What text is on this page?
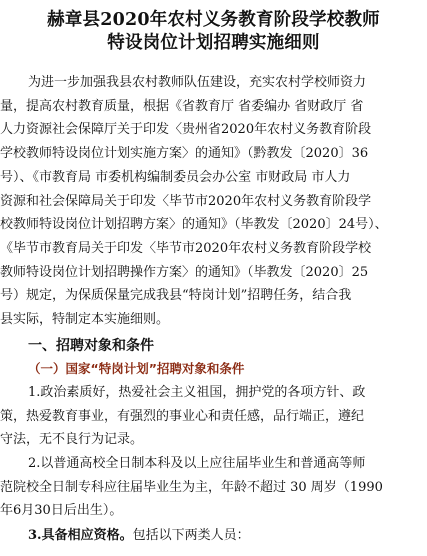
赫章县2020年农村义务教育阶段学校教师
特设岗位计划招聘实施细则
为进一步加强我县农村教师队伍建设，充实农村学校师资力
量，提高农村教育质量，根据《省教育厅 省委编办 省财政厅 省
人力资源社会保障厅关于印发〈贵州省2020年农村义务教育阶段
学校教师特设岗位计划实施方案〉的通知》（黔教发〔2020〕36
号）、《市教育局 市委机构编制委员会办公室 市财政局 市人力
资源和社会保障局关于印发〈毕节市2020年农村义务教育阶段学
校教师特设岗位计划招聘方案〉的通知》（毕教发〔2020〕24号）、
《毕节市教育局关于印发〈毕节市2020年农村义务教育阶段学校
教师特设岗位计划招聘操作方案〉的通知》（毕教发〔2020〕25
号）规定，为保质保量完成我县“特岗计划”招聘任务，结合我
县实际，特制定本实施细则。
一、招聘对象和条件
（一）国家“特岗计划”招聘对象和条件
1.政治素质好，热爱社会主义祖国，拥护党的各项方针、政
策，热爱教育事业，有强烈的事业心和责任感，品行端正，遵纪
守法，无不良行为记录。
2.以普通高校全日制本科及以上应往届毕业生和普通高等师
范院校全日制专科应往届毕业生为主，年龄不超过 30 周岁（1990
年6月30日后出生）。
3.具备相应资格。包括以下两类人员：
